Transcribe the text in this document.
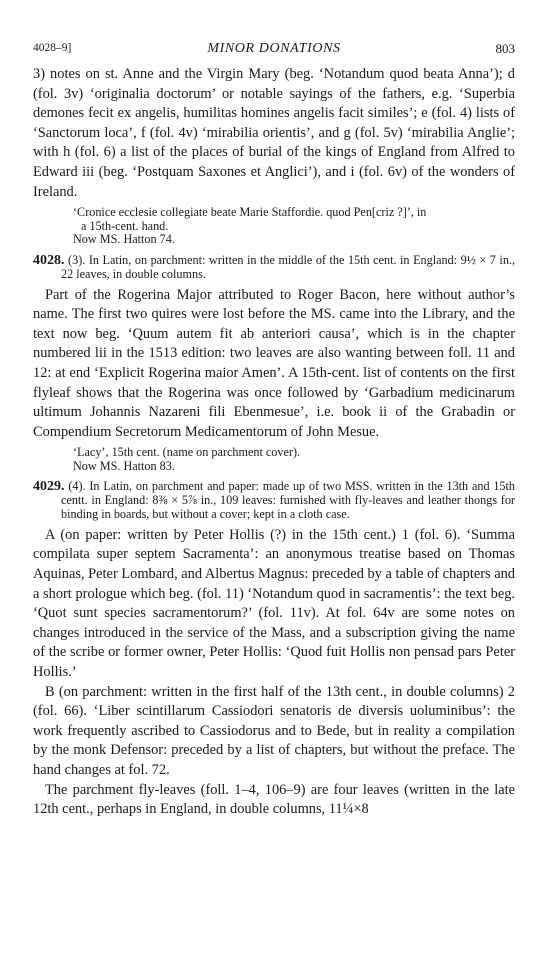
4028–9]	MINOR DONATIONS	803

3) notes on st. Anne and the Virgin Mary (beg. ‘Notandum quod beata Anna’); d (fol. 3v) ‘originalia doctorum’ or notable sayings of the fathers, e.g. ‘Superbia demones fecit ex angelis, humilitas homines angelis facit similes’; e (fol. 4) lists of ‘Sanctorum loca’, f (fol. 4v) ‘mirabilia orientis’, and g (fol. 5v) ‘mirabilia Anglie’; with h (fol. 6) a list of the places of burial of the kings of England from Alfred to Edward iii (beg. ‘Postquam Saxones et Anglici’), and i (fol. 6v) of the wonders of Ireland.

‘Cronice ecclesie collegiate beate Marie Staffordie. quod Pen[criz ?]’, in
a 15th-cent. hand.
Now MS. Hatton 74.

4028. (3). In Latin, on parchment: written in the middle of the 15th cent. in England: 9½ × 7 in., 22 leaves, in double columns.

Part of the Rogerina Major attributed to Roger Bacon, here without author’s name. The first two quires were lost before the MS. came into the Library, and the text now beg. ‘Quum autem fit ab anteriori causa’, which is in the chapter numbered lii in the 1513 edition: two leaves are also wanting between foll. 11 and 12: at end ‘Explicit Rogerina maior Amen’. A 15th-cent. list of contents on the first flyleaf shows that the Rogerina was once followed by ‘Garbadium medicinarum ultimum Johannis Nazareni fili Ebenmesue’, i.e. book ii of the Grabadin or Compendium Secretorum Medicamentorum of John Mesue.

‘Lacy’, 15th cent. (name on parchment cover).
Now MS. Hatton 83.

4029. (4). In Latin, on parchment and paper: made up of two MSS. written in the 13th and 15th centt. in England: 8⅜ × 5⅞ in., 109 leaves: furnished with fly-leaves and leather thongs for binding in boards, but without a cover; kept in a cloth case.

A (on paper: written by Peter Hollis (?) in the 15th cent.) 1 (fol. 6). ‘Summa compilata super septem Sacramenta’: an anonymous treatise based on Thomas Aquinas, Peter Lombard, and Albertus Magnus: preceded by a table of chapters and a short prologue which beg. (fol. 11) ‘Notandum quod in sacramentis’: the text beg. ‘Quot sunt species sacramentorum?’ (fol. 11v). At fol. 64v are some notes on changes introduced in the service of the Mass, and a subscription giving the name of the scribe or former owner, Peter Hollis: ‘Quod fuit Hollis non pensad pars Peter Hollis.’

B (on parchment: written in the first half of the 13th cent., in double columns) 2 (fol. 66). ‘Liber scintillarum Cassiodori senatoris de diversis uoluminibus’: the work frequently ascribed to Cassiodorus and to Bede, but in reality a compilation by the monk Defensor: preceded by a list of chapters, but without the preface. The hand changes at fol. 72.

The parchment fly-leaves (foll. 1–4, 106–9) are four leaves (written in the late 12th cent., perhaps in England, in double columns, 11¼×8
